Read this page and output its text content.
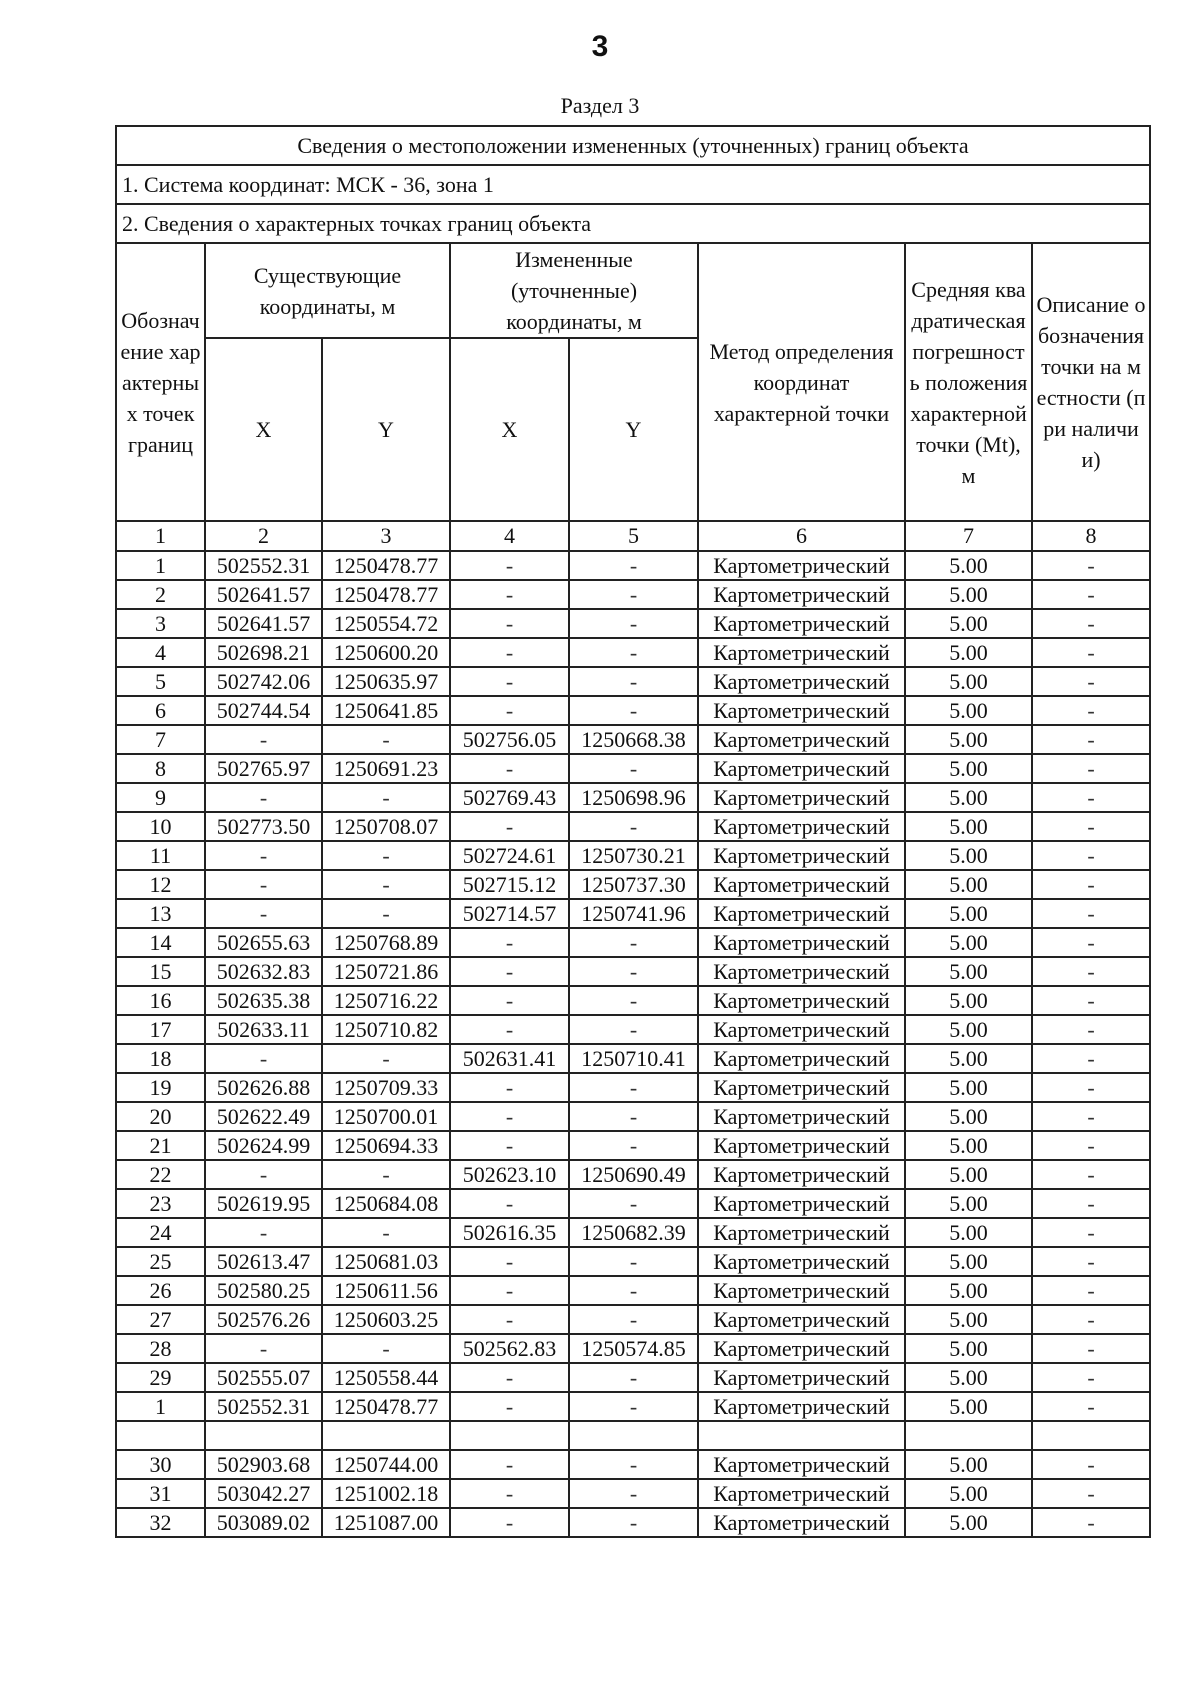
3
Раздел 3
Сведения о местоположении измененных (уточненных) границ объекта							
1. Система координат: МСК - 36, зона 1							
2. Сведения о характерных точках границ объекта							
Обозначение характерных точек границ	Существующие координаты, м		Измененные (уточненные) координаты, м		Метод определения координат характерной точки	Средняя квадратическая погрешность положения характерной точки (Mt), м	Описание обозначения точки на местности (при наличии)
	X	Y	X	Y			
1	2	3	4	5	6	7	8
1	502552.31	1250478.77	-	-	Картометрический	5.00	-
2	502641.57	1250478.77	-	-	Картометрический	5.00	-
3	502641.57	1250554.72	-	-	Картометрический	5.00	-
4	502698.21	1250600.20	-	-	Картометрический	5.00	-
5	502742.06	1250635.97	-	-	Картометрический	5.00	-
6	502744.54	1250641.85	-	-	Картометрический	5.00	-
7	-	-	502756.05	1250668.38	Картометрический	5.00	-
8	502765.97	1250691.23	-	-	Картометрический	5.00	-
9	-	-	502769.43	1250698.96	Картометрический	5.00	-
10	502773.50	1250708.07	-	-	Картометрический	5.00	-
11	-	-	502724.61	1250730.21	Картометрический	5.00	-
12	-	-	502715.12	1250737.30	Картометрический	5.00	-
13	-	-	502714.57	1250741.96	Картометрический	5.00	-
14	502655.63	1250768.89	-	-	Картометрический	5.00	-
15	502632.83	1250721.86	-	-	Картометрический	5.00	-
16	502635.38	1250716.22	-	-	Картометрический	5.00	-
17	502633.11	1250710.82	-	-	Картометрический	5.00	-
18	-	-	502631.41	1250710.41	Картометрический	5.00	-
19	502626.88	1250709.33	-	-	Картометрический	5.00	-
20	502622.49	1250700.01	-	-	Картометрический	5.00	-
21	502624.99	1250694.33	-	-	Картометрический	5.00	-
22	-	-	502623.10	1250690.49	Картометрический	5.00	-
23	502619.95	1250684.08	-	-	Картометрический	5.00	-
24	-	-	502616.35	1250682.39	Картометрический	5.00	-
25	502613.47	1250681.03	-	-	Картометрический	5.00	-
26	502580.25	1250611.56	-	-	Картометрический	5.00	-
27	502576.26	1250603.25	-	-	Картометрический	5.00	-
28	-	-	502562.83	1250574.85	Картометрический	5.00	-
29	502555.07	1250558.44	-	-	Картометрический	5.00	-
1	502552.31	1250478.77	-	-	Картометрический	5.00	-

30	502903.68	1250744.00	-	-	Картометрический	5.00	-
31	503042.27	1251002.18	-	-	Картометрический	5.00	-
32	503089.02	1251087.00	-	-	Картометрический	5.00	-
